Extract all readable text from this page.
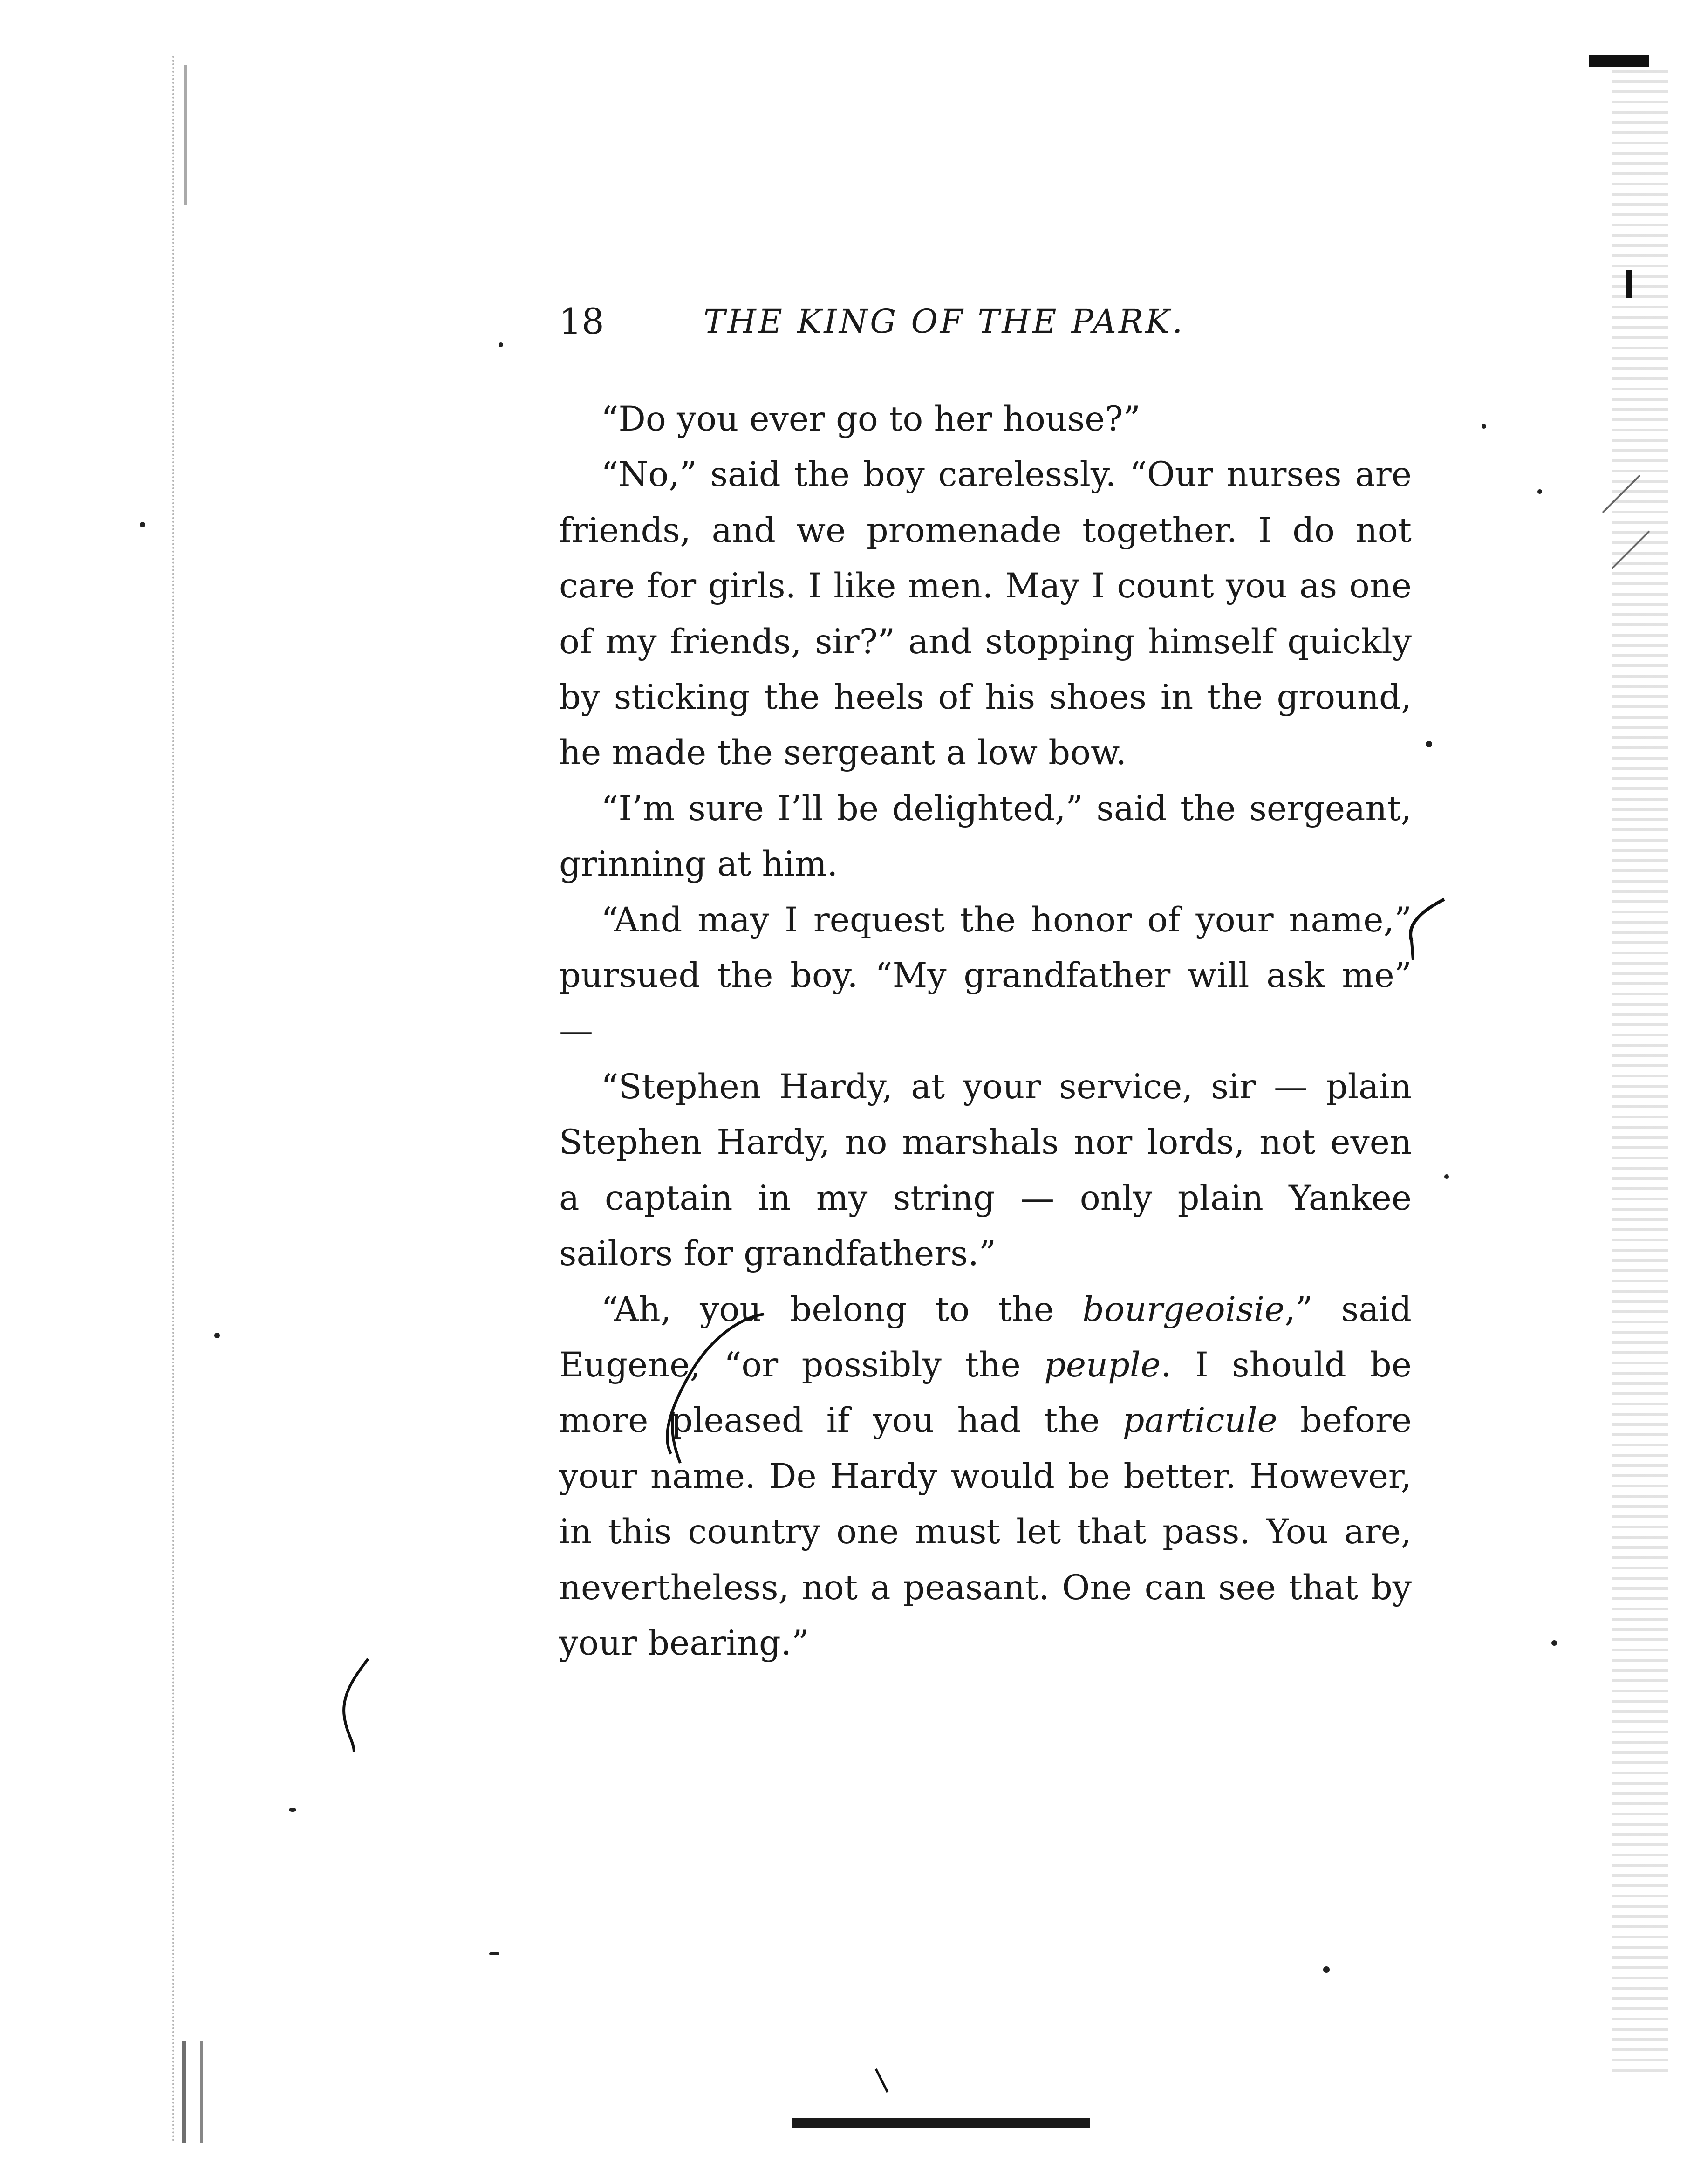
18	THE KING OF THE PARK.

“Do you ever go to her house?”

“No,” said the boy carelessly. “Our nurses are friends, and we promenade together. I do not care for girls. I like men. May I count you as one of my friends, sir?” and stopping himself quickly by sticking the heels of his shoes in the ground, he made the sergeant a low bow.

“I’m sure I’ll be delighted,” said the sergeant, grinning at him.

“And may I request the honor of your name,” pursued the boy. “My grandfather will ask me” —

“Stephen Hardy, at your service, sir — plain Stephen Hardy, no marshals nor lords, not even a captain in my string — only plain Yankee sailors for grandfathers.”

“Ah, you belong to the bourgeoisie,” said Eugene, “or possibly the peuple. I should be more pleased if you had the particule before your name. De Hardy would be better. However, in this country one must let that pass. You are, nevertheless, not a peasant. One can see that by your bearing.”
